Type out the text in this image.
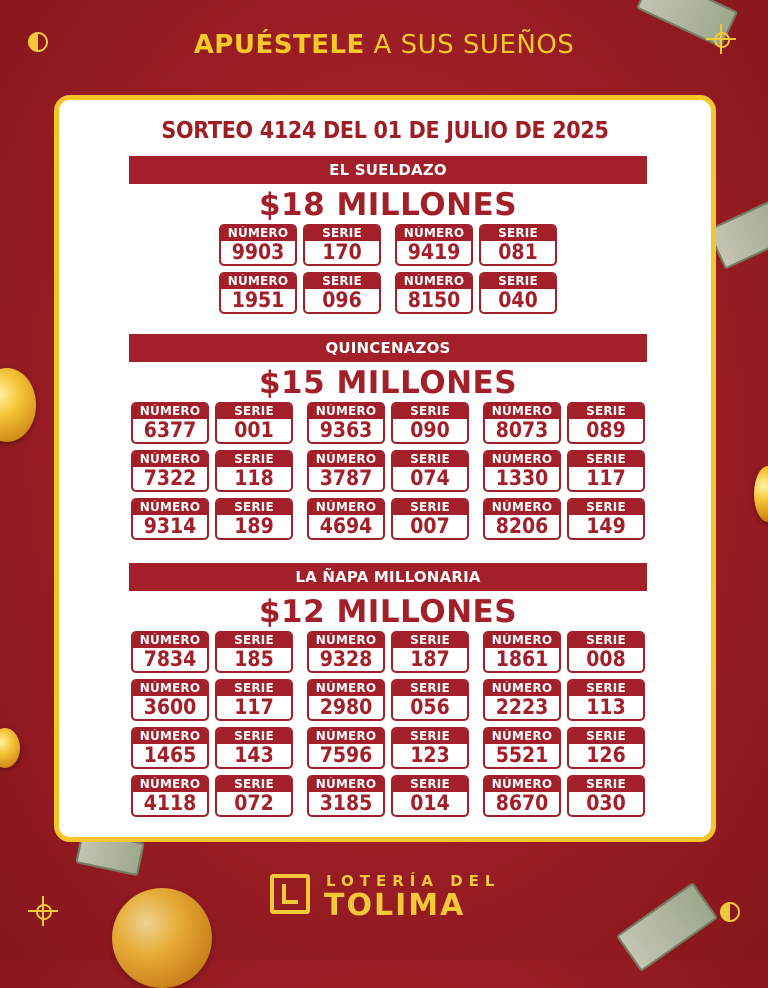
APUÉSTELE A SUS SUEÑOS
SORTEO 4124 DEL 01 DE JULIO DE 2025
EL SUELDAZO
$18 MILLONES
NÚMERO
9903
SERIE
170
NÚMERO
9419
SERIE
081
NÚMERO
1951
SERIE
096
NÚMERO
8150
SERIE
040
QUINCENAZOS
$15 MILLONES
NÚMERO
6377
SERIE
001
NÚMERO
9363
SERIE
090
NÚMERO
8073
SERIE
089
NÚMERO
7322
SERIE
118
NÚMERO
3787
SERIE
074
NÚMERO
1330
SERIE
117
NÚMERO
9314
SERIE
189
NÚMERO
4694
SERIE
007
NÚMERO
8206
SERIE
149
LA ÑAPA MILLONARIA
$12 MILLONES
NÚMERO
7834
SERIE
185
NÚMERO
9328
SERIE
187
NÚMERO
1861
SERIE
008
NÚMERO
3600
SERIE
117
NÚMERO
2980
SERIE
056
NÚMERO
2223
SERIE
113
NÚMERO
1465
SERIE
143
NÚMERO
7596
SERIE
123
NÚMERO
5521
SERIE
126
NÚMERO
4118
SERIE
072
NÚMERO
3185
SERIE
014
NÚMERO
8670
SERIE
030
LOTERÍA DEL
TOLIMA
